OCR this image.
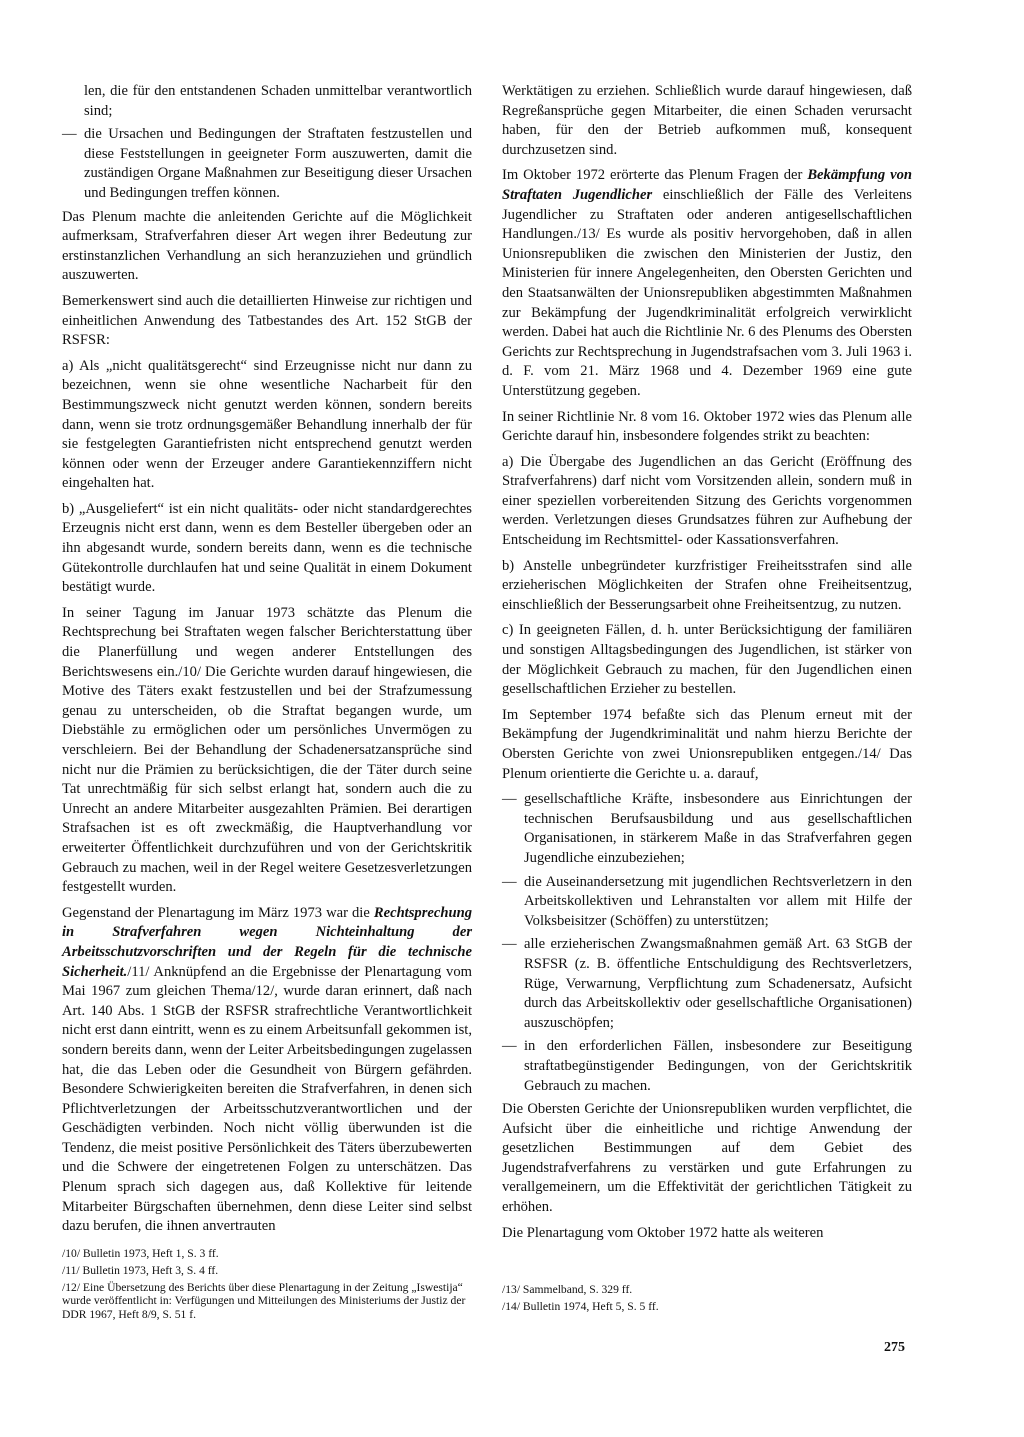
len, die für den entstandenen Schaden unmittelbar verantwortlich sind;

— die Ursachen und Bedingungen der Straftaten festzustellen und diese Feststellungen in geeigneter Form auszuwerten, damit die zuständigen Organe Maßnahmen zur Beseitigung dieser Ursachen und Bedingungen treffen können.

Das Plenum machte die anleitenden Gerichte auf die Möglichkeit aufmerksam, Strafverfahren dieser Art wegen ihrer Bedeutung zur erstinstanzlichen Verhandlung an sich heranzuziehen und gründlich auszuwerten.

Bemerkenswert sind auch die detaillierten Hinweise zur richtigen und einheitlichen Anwendung des Tatbestandes des Art. 152 StGB der RSFSR:

a) Als „nicht qualitätsgerecht“ sind Erzeugnisse nicht nur dann zu bezeichnen, wenn sie ohne wesentliche Nacharbeit für den Bestimmungszweck nicht genutzt werden können, sondern bereits dann, wenn sie trotz ordnungsgemäßer Behandlung innerhalb der für sie festgelegten Garantiefristen nicht entsprechend genutzt werden können oder wenn der Erzeuger andere Garantiekennziffern nicht eingehalten hat.

b) „Ausgeliefert“ ist ein nicht qualitäts- oder nicht standardgerechtes Erzeugnis nicht erst dann, wenn es dem Besteller übergeben oder an ihn abgesandt wurde, sondern bereits dann, wenn es die technische Gütekontrolle durchlaufen hat und seine Qualität in einem Dokument bestätigt wurde.

In seiner Tagung im Januar 1973 schätzte das Plenum die Rechtsprechung bei Straftaten wegen falscher Berichterstattung über die Planerfüllung und wegen anderer Entstellungen des Berichtswesens ein./10/ Die Gerichte wurden darauf hingewiesen, die Motive des Täters exakt festzustellen und bei der Strafzumessung genau zu unterscheiden, ob die Straftat begangen wurde, um Diebstähle zu ermöglichen oder um persönliches Unvermögen zu verschleiern. Bei der Behandlung der Schadenersatzansprüche sind nicht nur die Prämien zu berücksichtigen, die der Täter durch seine Tat unrechtmäßig für sich selbst erlangt hat, sondern auch die zu Unrecht an andere Mitarbeiter ausgezahlten Prämien. Bei derartigen Strafsachen ist es oft zweckmäßig, die Hauptverhandlung vor erweiterter Öffentlichkeit durchzuführen und von der Gerichtskritik Gebrauch zu machen, weil in der Regel weitere Gesetzesverletzungen festgestellt wurden.

Gegenstand der Plenartagung im März 1973 war die Rechtsprechung in Strafverfahren wegen Nichteinhaltung der Arbeitsschutzvorschriften und der Regeln für die technische Sicherheit./11/ Anknüpfend an die Ergebnisse der Plenartagung vom Mai 1967 zum gleichen Thema/12/, wurde daran erinnert, daß nach Art. 140 Abs. 1 StGB der RSFSR strafrechtliche Verantwortlichkeit nicht erst dann eintritt, wenn es zu einem Arbeitsunfall gekommen ist, sondern bereits dann, wenn der Leiter Arbeitsbedingungen zugelassen hat, die das Leben oder die Gesundheit von Bürgern gefährden. Besondere Schwierigkeiten bereiten die Strafverfahren, in denen sich Pflichtverletzungen der Arbeitsschutzverantwortlichen und der Geschädigten verbinden. Noch nicht völlig überwunden ist die Tendenz, die meist positive Persönlichkeit des Täters überzubewerten und die Schwere der eingetretenen Folgen zu unterschätzen. Das Plenum sprach sich dagegen aus, daß Kollektive für leitende Mitarbeiter Bürgschaften übernehmen, denn diese Leiter sind selbst dazu berufen, die ihnen anvertrauten

Werktätigen zu erziehen. Schließlich wurde darauf hingewiesen, daß Regreßansprüche gegen Mitarbeiter, die einen Schaden verursacht haben, für den der Betrieb aufkommen muß, konsequent durchzusetzen sind.

Im Oktober 1972 erörterte das Plenum Fragen der Bekämpfung von Straftaten Jugendlicher einschließlich der Fälle des Verleitens Jugendlicher zu Straftaten oder anderen antigesellschaftlichen Handlungen./13/ Es wurde als positiv hervorgehoben, daß in allen Unionsrepubliken die zwischen den Ministerien der Justiz, den Ministerien für innere Angelegenheiten, den Obersten Gerichten und den Staatsanwälten der Unionsrepubliken abgestimmten Maßnahmen zur Bekämpfung der Jugendkriminalität erfolgreich verwirklicht werden. Dabei hat auch die Richtlinie Nr. 6 des Plenums des Obersten Gerichts zur Rechtsprechung in Jugendstrafsachen vom 3. Juli 1963 i. d. F. vom 21. März 1968 und 4. Dezember 1969 eine gute Unterstützung gegeben.

In seiner Richtlinie Nr. 8 vom 16. Oktober 1972 wies das Plenum alle Gerichte darauf hin, insbesondere folgendes strikt zu beachten:

a) Die Übergabe des Jugendlichen an das Gericht (Eröffnung des Strafverfahrens) darf nicht vom Vorsitzenden allein, sondern muß in einer speziellen vorbereitenden Sitzung des Gerichts vorgenommen werden. Verletzungen dieses Grundsatzes führen zur Aufhebung der Entscheidung im Rechtsmittel- oder Kassationsverfahren.

b) Anstelle unbegründeter kurzfristiger Freiheitsstrafen sind alle erzieherischen Möglichkeiten der Strafen ohne Freiheitsentzug, einschließlich der Besserungsarbeit ohne Freiheitsentzug, zu nutzen.

c) In geeigneten Fällen, d. h. unter Berücksichtigung der familiären und sonstigen Alltagsbedingungen des Jugendlichen, ist stärker von der Möglichkeit Gebrauch zu machen, für den Jugendlichen einen gesellschaftlichen Erzieher zu bestellen.

Im September 1974 befaßte sich das Plenum erneut mit der Bekämpfung der Jugendkriminalität und nahm hierzu Berichte der Obersten Gerichte von zwei Unionsrepubliken entgegen./14/ Das Plenum orientierte die Gerichte u. a. darauf,

— gesellschaftliche Kräfte, insbesondere aus Einrichtungen der technischen Berufsausbildung und aus gesellschaftlichen Organisationen, in stärkerem Maße in das Strafverfahren gegen Jugendliche einzubeziehen;

— die Auseinandersetzung mit jugendlichen Rechtsverletzern in den Arbeitskollektiven und Lehranstalten vor allem mit Hilfe der Volksbeisitzer (Schöffen) zu unterstützen;

— alle erzieherischen Zwangsmaßnahmen gemäß Art. 63 StGB der RSFSR (z. B. öffentliche Entschuldigung des Rechtsverletzers, Rüge, Verwarnung, Verpflichtung zum Schadenersatz, Aufsicht durch das Arbeitskollektiv oder gesellschaftliche Organisationen) auszuschöpfen;

— in den erforderlichen Fällen, insbesondere zur Beseitigung straftatbegünstigender Bedingungen, von der Gerichtskritik Gebrauch zu machen.

Die Obersten Gerichte der Unionsrepubliken wurden verpflichtet, die Aufsicht über die einheitliche und richtige Anwendung der gesetzlichen Bestimmungen auf dem Gebiet des Jugendstrafverfahrens zu verstärken und gute Erfahrungen zu verallgemeinern, um die Effektivität der gerichtlichen Tätigkeit zu erhöhen.

Die Plenartagung vom Oktober 1972 hatte als weiteren

/10/ Bulletin 1973, Heft 1, S. 3 ff.

/11/ Bulletin 1973, Heft 3, S. 4 ff.

/12/ Eine Übersetzung des Berichts über diese Plenartagung in der Zeitung „Iswestija“ wurde veröffentlicht in: Verfügungen und Mitteilungen des Ministeriums der Justiz der DDR 1967, Heft 8/9, S. 51 f.

/13/ Sammelband, S. 329 ff.

/14/ Bulletin 1974, Heft 5, S. 5 ff.

275
